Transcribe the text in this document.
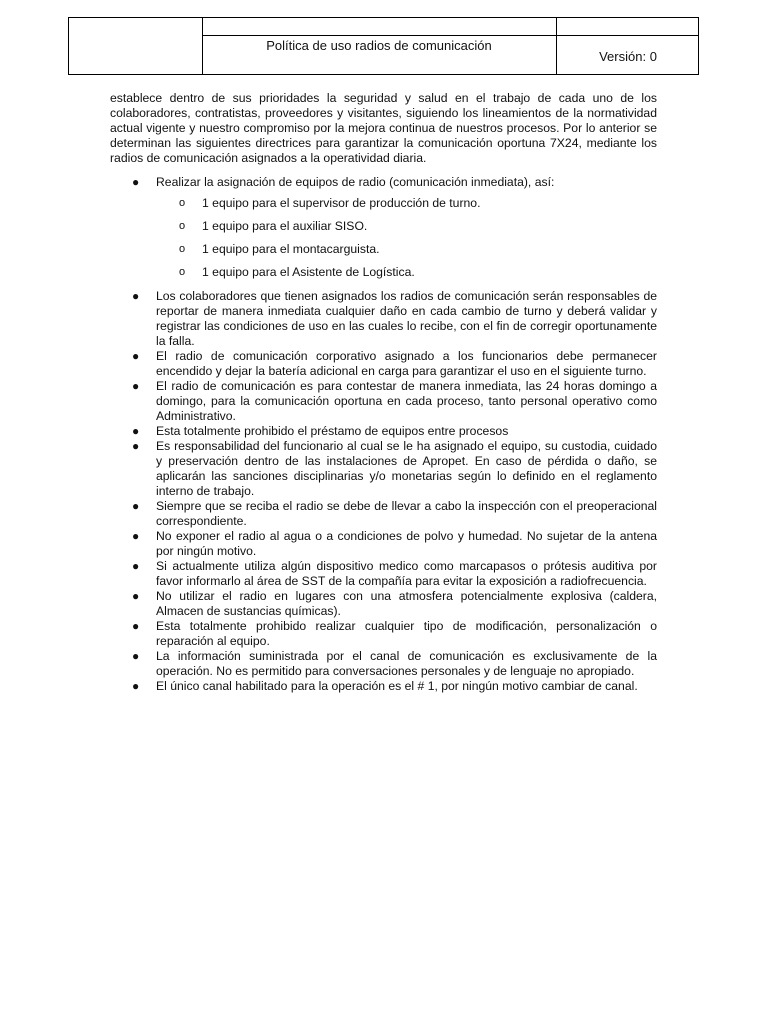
Política de uso radios de comunicación
Versión: 0

establece dentro de sus prioridades la seguridad y salud en el trabajo de cada uno de los colaboradores, contratistas, proveedores y visitantes, siguiendo los lineamientos de la normatividad actual vigente y nuestro compromiso por la mejora continua de nuestros procesos. Por lo anterior se determinan las siguientes directrices para garantizar la comunicación oportuna 7X24, mediante los radios de comunicación asignados a la operatividad diaria.

● Realizar la asignación de equipos de radio (comunicación inmediata), así:
o 1 equipo para el supervisor de producción de turno.
o 1 equipo para el auxiliar SISO.
o 1 equipo para el montacarguista.
o 1 equipo para el Asistente de Logística.
● Los colaboradores que tienen asignados los radios de comunicación serán responsables de reportar de manera inmediata cualquier daño en cada cambio de turno y deberá validar y registrar las condiciones de uso en las cuales lo recibe, con el fin de corregir oportunamente la falla.
● El radio de comunicación corporativo asignado a los funcionarios debe permanecer encendido y dejar la batería adicional en carga para garantizar el uso en el siguiente turno.
● El radio de comunicación es para contestar de manera inmediata, las 24 horas domingo a domingo, para la comunicación oportuna en cada proceso, tanto personal operativo como Administrativo.
● Esta totalmente prohibido el préstamo de equipos entre procesos
● Es responsabilidad del funcionario al cual se le ha asignado el equipo, su custodia, cuidado y preservación dentro de las instalaciones de Apropet. En caso de pérdida o daño, se aplicarán las sanciones disciplinarias y/o monetarias según lo definido en el reglamento interno de trabajo.
● Siempre que se reciba el radio se debe de llevar a cabo la inspección con el preoperacional correspondiente.
● No exponer el radio al agua o a condiciones de polvo y humedad. No sujetar de la antena por ningún motivo.
● Si actualmente utiliza algún dispositivo medico como marcapasos o prótesis auditiva por favor informarlo al área de SST de la compañía para evitar la exposición a radiofrecuencia.
● No utilizar el radio en lugares con una atmosfera potencialmente explosiva (caldera, Almacen de sustancias químicas).
● Esta totalmente prohibido realizar cualquier tipo de modificación, personalización o reparación al equipo.
● La información suministrada por el canal de comunicación es exclusivamente de la operación. No es permitido para conversaciones personales y de lenguaje no apropiado.
● El único canal habilitado para la operación es el # 1, por ningún motivo cambiar de canal.
